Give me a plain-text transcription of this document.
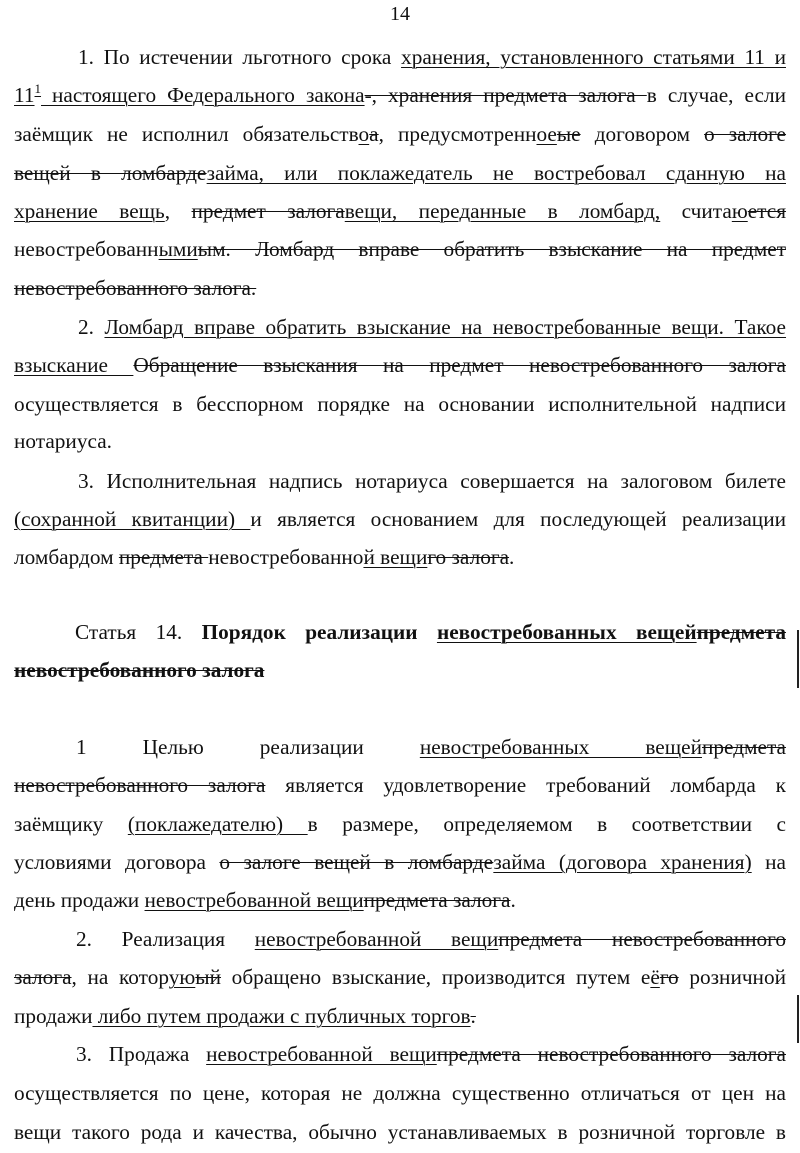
14
1. По истечении льготного срока хранения, установленного статьями 11 и
$11^1$ настоящего Федерального закона-, хранения предмета залога в случае, если
заёмщик не исполнил обязательствоа, предусмотренноеые договором о залоге
вещей в ломбардезайма, или поклажедатель не востребовал сданную на
хранение вещь, предмет залогавещи, переданные в ломбард, считаюется
невостребованнымиым. Ломбард вправе обратить взыскание на предмет
невостребованного залога.
2. Ломбард вправе обратить взыскание на невостребованные вещи. Такое
взыскание Обращение взыскания на предмет невостребованного залога
осуществляется в бесспорном порядке на основании исполнительной надписи
нотариуса.
3. Исполнительная надпись нотариуса совершается на залоговом билете
(сохранной квитанции) и является основанием для последующей реализации
ломбардом предмета невостребованной вещиго залога.
Статья 14. Порядок реализации невостребованных вещейпредмета
невостребованного залога
1 Целью реализации невостребованных вещейпредмета
невостребованного залога является удовлетворение требований ломбарда к
заёмщику (поклажедателю) в размере, определяемом в соответствии с
условиями договора о залоге вещей в ломбардезайма (договора хранения) на
день продажи невостребованной вещипредмета залога.
2. Реализация невостребованной вещипредмета невостребованного
залога, на которуюый обращено взыскание, производится путем еёго розничной
продажи либо путем продажи с публичных торгов.
3. Продажа невостребованной вещипредмета невостребованного залога
осуществляется по цене, которая не должна существенно отличаться от цен на
вещи такого рода и качества, обычно устанавливаемых в розничной торговле в
